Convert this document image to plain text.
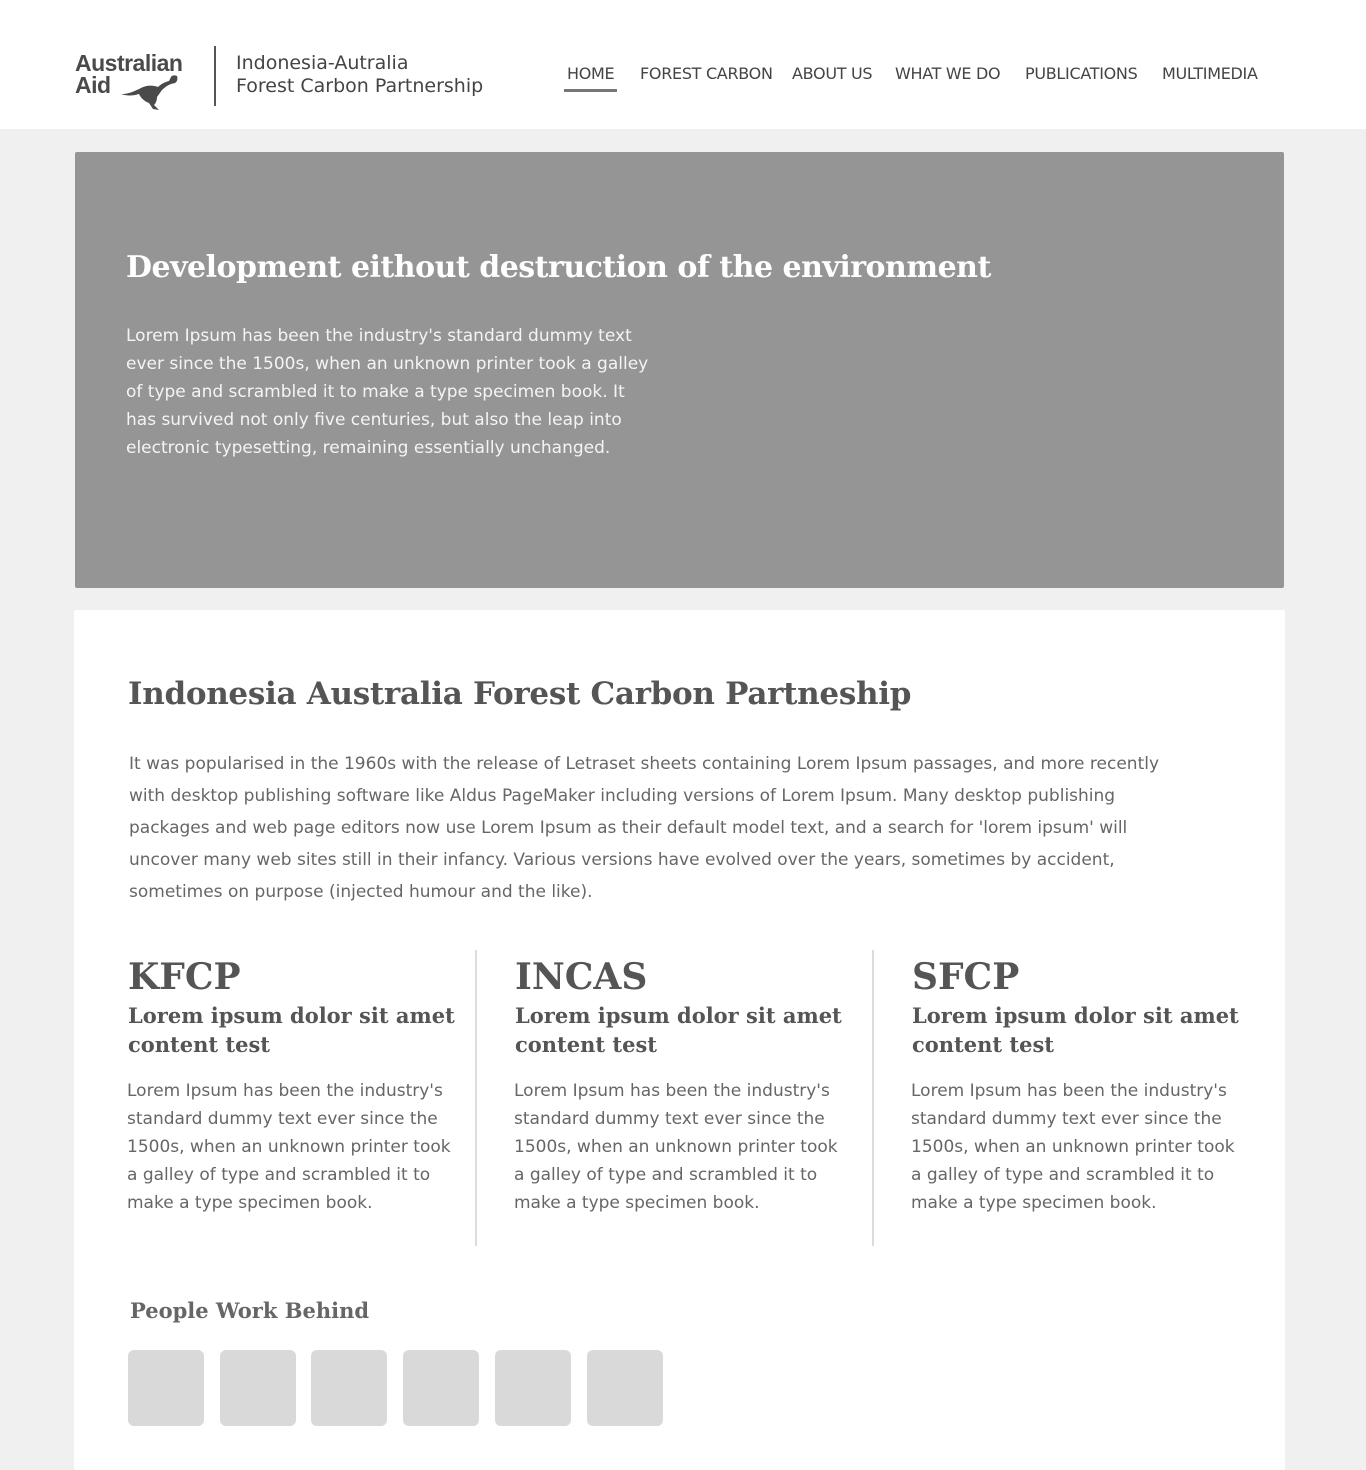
Australian
Aid
Indonesia-Autralia
Forest Carbon Partnership
HOME FOREST CARBON ABOUT US WHAT WE DO PUBLICATIONS MULTIMEDIA
Development eithout destruction of the environment

Lorem Ipsum has been the industry's standard dummy text ever since the 1500s, when an unknown printer took a galley of type and scrambled it to make a type specimen book. It has survived not only five centuries, but also the leap into electronic typesetting, remaining essentially unchanged.

Indonesia Australia Forest Carbon Partneship

It was popularised in the 1960s with the release of Letraset sheets containing Lorem Ipsum passages, and more recently with desktop publishing software like Aldus PageMaker including versions of Lorem Ipsum. Many desktop publishing packages and web page editors now use Lorem Ipsum as their default model text, and a search for 'lorem ipsum' will uncover many web sites still in their infancy. Various versions have evolved over the years, sometimes by accident, sometimes on purpose (injected humour and the like).

KFCP
Lorem ipsum dolor sit amet content test

Lorem Ipsum has been the industry's standard dummy text ever since the 1500s, when an unknown printer took a galley of type and scrambled it to make a type specimen book.

INCAS
Lorem ipsum dolor sit amet content test

Lorem Ipsum has been the industry's standard dummy text ever since the 1500s, when an unknown printer took a galley of type and scrambled it to make a type specimen book.

SFCP
Lorem ipsum dolor sit amet content test

Lorem Ipsum has been the industry's standard dummy text ever since the 1500s, when an unknown printer took a galley of type and scrambled it to make a type specimen book.

People Work Behind
